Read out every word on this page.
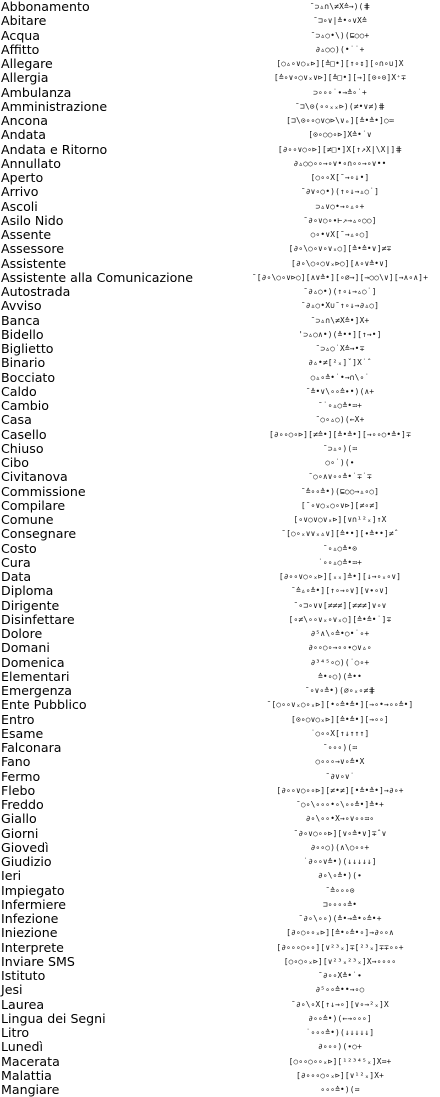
Abbonamento	ˉ⊃▵∩\≠X≙→)(⋕
Abitare	ˉ⊐∘∨|≙•∘∨X≙
Acqua	ˉ⊃▵○•\)(⊑○○+
Affitto	∂▵○○)(•˙˙+
Allegare	[○▵∘∨○ₓ⊳][≙□•][↑∘↕][∘∩∘∪]X
Allergia	[≙∘∨∘○∨ₓ∨⊳][≙□•][→][⊙∘⊙]X⁺∓
Ambulanza	⊃∘∘∘˙∙→≙∘˙+
Amministrazione	ˉ⊐\⊙(∘∘ₓₓ⊳)(≠•∨≠)⋕
Ancona	[⊐\⊙∘∘○∨○⊳\∨ₑ][≙•≙•]○≕
Andata	[⊙∘○○∘⊳]X≙•˙∨
Andata e Ritorno	[∂∘∘∨○∘⊳][≠□•]X[↑↗X|\X|]⋕
Annullato	∂▵○○∘∘→∘∨•∘∩∘∘→∘∨••
Aperto	[○∘∘X[ˉ→∘↓•]
Arrivo	ˉ∂∨∘○•)(↑∘↓→▵○˙]
Ascoli	⊃▵∨○•→∘▵∘+
Asilo Nido	ˉ∂∘∨○∘∙⊢↗→▵∘○○]
Assente	○∘•∨X[ˉ→▵∘○]
Assessore	[∂∘\○∘∨∘∨ₓ○][≙•≙•∨]≠∓
Assistente	[∂∘\○∘○∨ₓ⊳○][∧∘∨≙•∨]
Assistente alla Comunicazione	ˉ[∂∘\○∘∨⊳○][∧∨≙•][∘∅→][→○○\∨][→∧∘∧]+
Autostrada	ˉ∂▵○•)(↑∘↓→▵○˙]
Avviso	ˉ∂▵○•X∪ˉ↑∘↓→∂▵○]
Banca	ˉ⊃▵∩\≠X≙•]X+
Bidello	'⊃▵○∧•)(≙••][↑→•]
Biglietto	ˉ⊃▵○˙X≙→•∓
Binario	∂▵•≠[²ₓ]ˇ]X˙ˆ
Bocciato	○▵∘≙•˙•→∩\∘˙
Caldo	ˉ≙•∨\∘∘≙∙•)(∧+
Cambio	ˉ˙∘▵○≙•≕+
Casa	ˉ○∘▵○)(←X+
Casello	[∂∘∘○∘⊳][≠≙•][≙•≙•][→∘∘○•≙•]∓
Chiuso	ˉ⊃▵∘)(≕
Cibo	○∘˙)(∙
Civitanova	ˉ○∘∧∨∘∘≙•˙∓˙∓
Commissione	ˉ≙∘∘≙•)(⊑○○→▵∘○]
Compilare	[ˉ∘∨○ₓ○∘∨⊳][≠∘≠]
Comune	[∘∨○∨○∨ₓ⊳][∨∩¹²ₓ]↑X
Consegnare	ˉ[○∘ₓ∨∨ₓ▵∨][≙••][∙≙••]≠ˆ
Costo	ˉ∘▵○≙•⊙
Cura	˙∘∘▵○≙•≕+
Data	[∂∘∘∨○∘ₓ⊳][ₓₓ]≙•][↓→∘ₓ∘∨]
Diploma	ˉ≙▵∘≙•][↑∘→∘∨][∨∙∘∨]
Dirigente	ˉ∘⊐∘∨∨[≠≠≠][≠≠≠]∨∘∨
Disinfettare	[∘≠\∘∘∨ₓ∘∨ₓ○][≙•≙•˙]∓
Dolore	∂⁵∧\∘≙•○•˙∘+
Domani	∂∘∘○∘→∘∘∙○∨▵∘
Domenica	∂³⁴⁵∘○)(˙○∘+
Elementari	≙•∘○)(≙••
Emergenza	ˉ∘∨∘≙•)(∅∘ₓ∘≠⋕
Ente Pubblico	ˉ[○∘∘∨ₓ○∘ₓ⊳][•∘≙•≙•][→∘•→∘∘≙•]
Entro	[⊙∘○∨○ₓ⊳][≙•≙•][→∘∘]
Esame	˙○∘∘X[↑↓↑↑↑]
Falconara	ˉ∘∘∘)(≕
Fano	○∘∘∘→∨∘≙•X
Fermo	ˉ∂∨∘∨˙
Flebo	[∂∘∘∨○∘∘⊳][≠•≠][•≙•≙•]→∂∘+
Freddo	ˉ○∘\∘∘∘•∘\∘∘≙•]≙•+
Giallo	∂∘\∘∘•X→∘∨∘∘≕∘
Giorni	ˉ∂∘∨○∘∘⊳][∨∘≙•∨]∓ˆ∨
Giovedì	∂∘∘○)(∧\○∘∘+
Giudizio	˙∂∘∘∨≙•)(↓↓↓↓↓]
Ieri	∂∘\∘≙•)(∙
Impiegato	ˉ≙∘∘∘⊙
Infermiere	⊐∘∘∘∘≙•
Infezione	ˉ∂∘\∘∘)(≙•→≙•∘≙•+
Iniezione	[∂∘○∘∘ₓ⊳][≙•∘≙•∘]→∂∘∘∧
Interprete	[∂∘∘∘○∘∘][∨²³ₓ]∓[²³ₓ]∓∓∘∘+
Inviare SMS	[○∘○∘ₓ⊳][∨²³ₓ²³ₓ]X→∘∘∘∘
Istituto	ˉ∂∘∘X≙•˙∙
Jesi	∂⁵∘∘≙••→∘○
Laurea	ˉ∂∘\∘X[↑↓→∘][∨∘→²ₓ]X
Lingua dei Segni	∂∘∘≙•)(←→∘∘∘]
Litro	˙∘∘∘≙•)(↓↓↓↓↓]
Lunedì	∂∘∘∘)(∙○+
Macerata	[○∘∘○∘∘ₓ⊳][¹²³⁴⁵ₓ]X≕+
Malattia	[∂∘∘∘○∘ₓ⊳][∨¹²ₓ]X+
Mangiare	∘∘∘≙•)(≕
